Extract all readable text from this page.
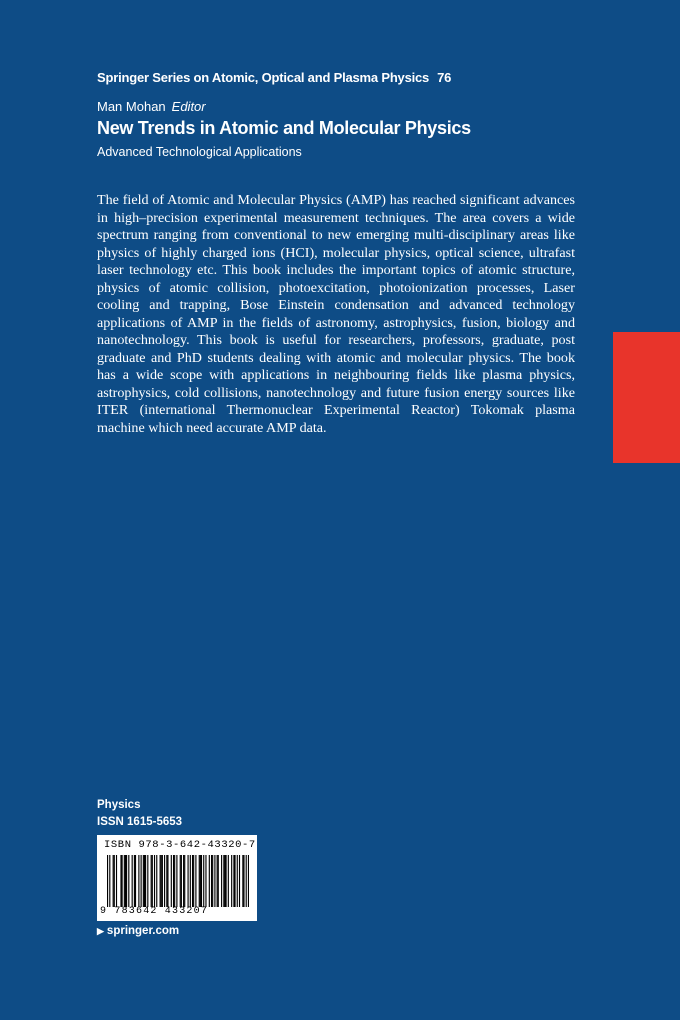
Springer Series on Atomic, Optical and Plasma Physics 76
Man Mohan Editor
New Trends in Atomic and Molecular Physics
Advanced Technological Applications

The field of Atomic and Molecular Physics (AMP) has reached significant advances in high–precision experimental measurement techniques. The area covers a wide spectrum ranging from conventional to new emerging multi-disciplinary areas like physics of highly charged ions (HCI), molecular physics, optical science, ultrafast laser technology etc. This book includes the important topics of atomic structure, physics of atomic collision, photoexcitation, photoionization processes, Laser cooling and trapping, Bose Einstein condensation and advanced technology applications of AMP in the fields of astronomy, astrophysics, fusion, biology and nanotechnology. This book is useful for researchers, professors, graduate, post graduate and PhD students dealing with atomic and molecular physics. The book has a wide scope with applications in neighbouring fields like plasma physics, astrophysics, cold collisions, nanotechnology and future fusion energy sources like ITER (international Thermonuclear Experimental Reactor) Tokomak plasma machine which need accurate AMP data.

Physics
ISSN 1615-5653
ISBN 978-3-642-43320-7
9 783642 433207
▶ springer.com
